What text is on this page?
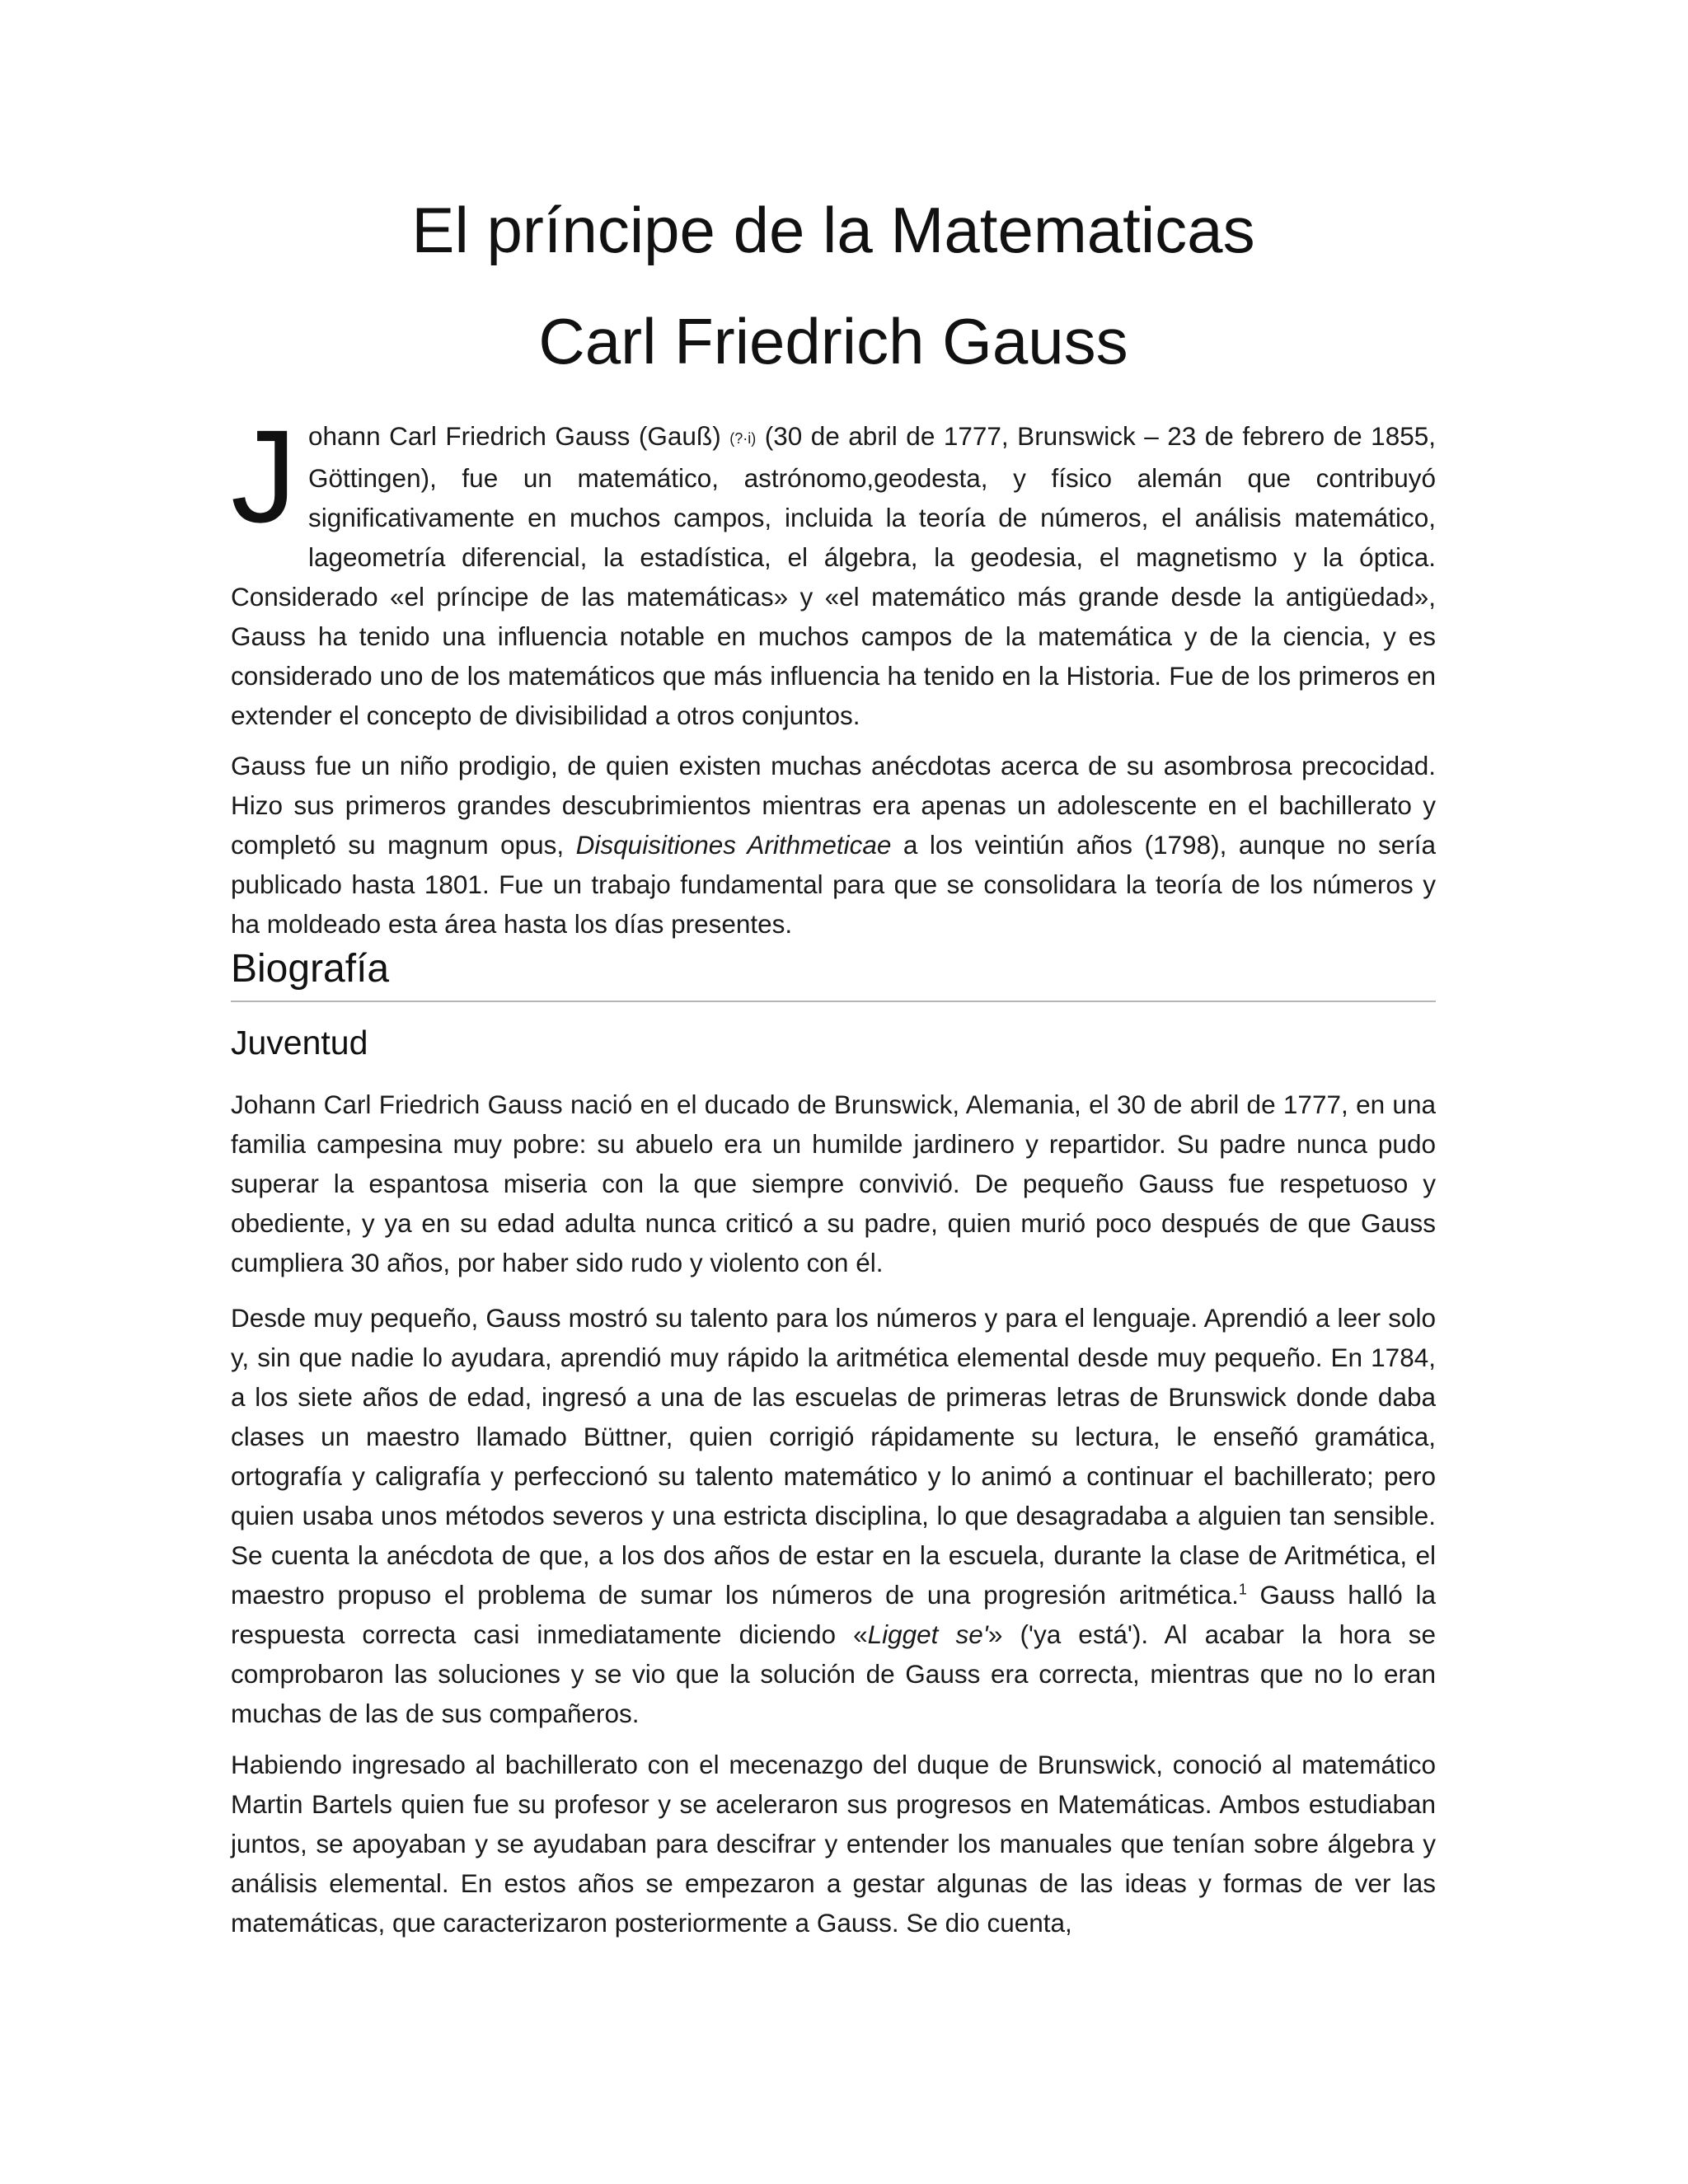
El príncipe de la Matematicas
Carl Friedrich Gauss

Johann Carl Friedrich Gauss (Gauß) (?·i) (30 de abril de 1777, Brunswick – 23 de febrero de 1855, Göttingen), fue un matemático, astrónomo,geodesta, y físico alemán que contribuyó significativamente en muchos campos, incluida la teoría de números, el análisis matemático, lageometría diferencial, la estadística, el álgebra, la geodesia, el magnetismo y la óptica. Considerado «el príncipe de las matemáticas» y «el matemático más grande desde la antigüedad», Gauss ha tenido una influencia notable en muchos campos de la matemática y de la ciencia, y es considerado uno de los matemáticos que más influencia ha tenido en la Historia. Fue de los primeros en extender el concepto de divisibilidad a otros conjuntos.

Gauss fue un niño prodigio, de quien existen muchas anécdotas acerca de su asombrosa precocidad. Hizo sus primeros grandes descubrimientos mientras era apenas un adolescente en el bachillerato y completó su magnum opus, Disquisitiones Arithmeticae a los veintiún años (1798), aunque no sería publicado hasta 1801. Fue un trabajo fundamental para que se consolidara la teoría de los números y ha moldeado esta área hasta los días presentes.

Biografía
Juventud

Johann Carl Friedrich Gauss nació en el ducado de Brunswick, Alemania, el 30 de abril de 1777, en una familia campesina muy pobre: su abuelo era un humilde jardinero y repartidor. Su padre nunca pudo superar la espantosa miseria con la que siempre convivió. De pequeño Gauss fue respetuoso y obediente, y ya en su edad adulta nunca criticó a su padre, quien murió poco después de que Gauss cumpliera 30 años, por haber sido rudo y violento con él.

Desde muy pequeño, Gauss mostró su talento para los números y para el lenguaje. Aprendió a leer solo y, sin que nadie lo ayudara, aprendió muy rápido la aritmética elemental desde muy pequeño. En 1784, a los siete años de edad, ingresó a una de las escuelas de primeras letras de Brunswick donde daba clases un maestro llamado Büttner, quien corrigió rápidamente su lectura, le enseñó gramática, ortografía y caligrafía y perfeccionó su talento matemático y lo animó a continuar el bachillerato; pero quien usaba unos métodos severos y una estricta disciplina, lo que desagradaba a alguien tan sensible. Se cuenta la anécdota de que, a los dos años de estar en la escuela, durante la clase de Aritmética, el maestro propuso el problema de sumar los números de una progresión aritmética.$^1$ Gauss halló la respuesta correcta casi inmediatamente diciendo «Ligget se'» ('ya está'). Al acabar la hora se comprobaron las soluciones y se vio que la solución de Gauss era correcta, mientras que no lo eran muchas de las de sus compañeros.

Habiendo ingresado al bachillerato con el mecenazgo del duque de Brunswick, conoció al matemático Martin Bartels quien fue su profesor y se aceleraron sus progresos en Matemáticas. Ambos estudiaban juntos, se apoyaban y se ayudaban para descifrar y entender los manuales que tenían sobre álgebra y análisis elemental. En estos años se empezaron a gestar algunas de las ideas y formas de ver las matemáticas, que caracterizaron posteriormente a Gauss. Se dio cuenta,
